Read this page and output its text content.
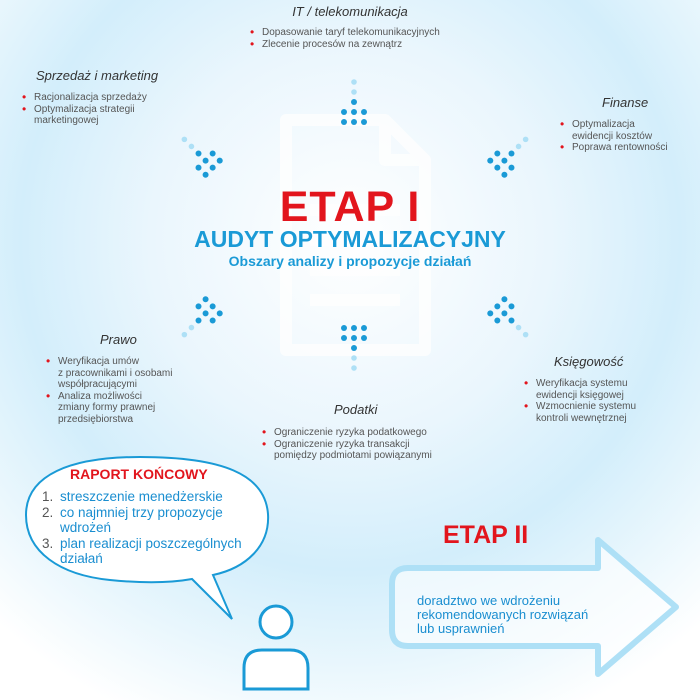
ETAP I
AUDYT OPTYMALIZACYJNY
Obszary analizy i propozycje działań
IT / telekomunikacja
• Dopasowanie taryf telekomunikacyjnych
• Zlecenie procesów na zewnątrz
Sprzedaż i marketing
• Racjonalizacja sprzedaży
• Optymalizacja strategii
marketingowej
Finanse
• Optymalizacja
ewidencji kosztów
• Poprawa rentowności
Prawo
• Weryfikacja umów
z pracownikami i osobami
współpracującymi
• Analiza możliwości
zmiany formy prawnej
przedsiębiorstwa
Księgowość
• Weryfikacja systemu
ewidencji księgowej
• Wzmocnienie systemu
kontroli wewnętrznej
Podatki
• Ograniczenie ryzyka podatkowego
• Ograniczenie ryzyka transakcji
pomiędzy podmiotami powiązanymi
RAPORT KOŃCOWY
1. streszczenie menedżerskie
2. co najmniej trzy propozycje
wdrożeń
3. plan realizacji poszczególnych
działań
ETAP II
doradztwo we wdrożeniu
rekomendowanych rozwiązań
lub usprawnień
